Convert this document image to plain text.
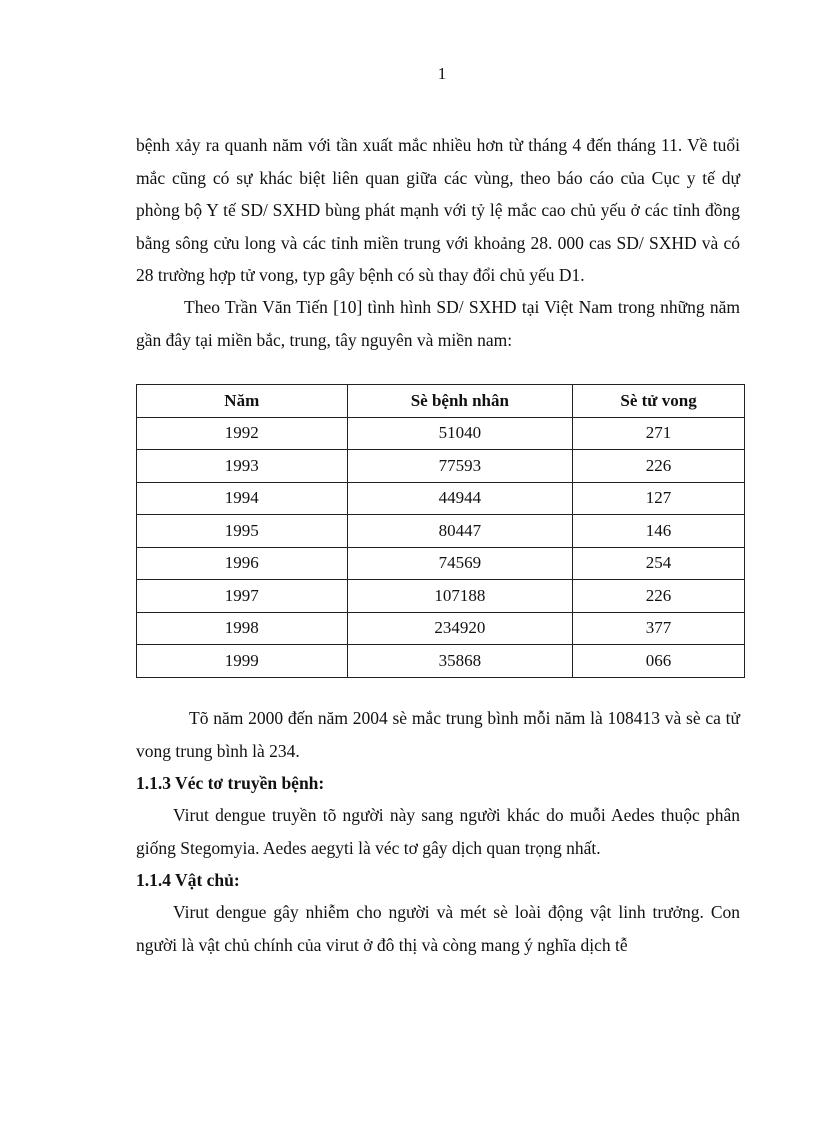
1

bệnh xảy ra quanh năm với tần xuất mắc nhiều hơn từ tháng 4 đến tháng 11. Về tuổi mắc cũng có sự khác biệt liên quan giữa các vùng, theo báo cáo của Cục y tế dự phòng bộ Y tế SD/ SXHD bùng phát mạnh với tỷ lệ mắc cao chủ yếu ở các tỉnh đồng bằng sông cửu long và các tỉnh miền trung với khoảng 28. 000 cas SD/ SXHD và có 28 trường hợp tử vong, typ gây bệnh có sù thay đổi chủ yếu D1.

Theo Trần Văn Tiến [10] tình hình SD/ SXHD tại Việt Nam trong những năm gần đây tại miền bắc, trung, tây nguyên và miền nam:

Năm	Sè bệnh nhân	Sè tử vong
1992	51040	271
1993	77593	226
1994	44944	127
1995	80447	146
1996	74569	254
1997	107188	226
1998	234920	377
1999	35868	066

Tõ năm 2000 đến năm 2004 sè mắc trung bình mỗi năm là 108413 và sè ca tử vong trung bình là 234.

1.1.3 Véc tơ truyền bệnh:

Virut dengue truyền tõ người này sang người khác do muỗi Aedes thuộc phân giống Stegomyia. Aedes aegyti là véc tơ gây dịch quan trọng nhất.

1.1.4 Vật chủ:

Virut dengue gây nhiễm cho người và mét sè loài động vật linh trưởng. Con người là vật chủ chính của virut ở đô thị và còng mang ý nghĩa dịch tễ
